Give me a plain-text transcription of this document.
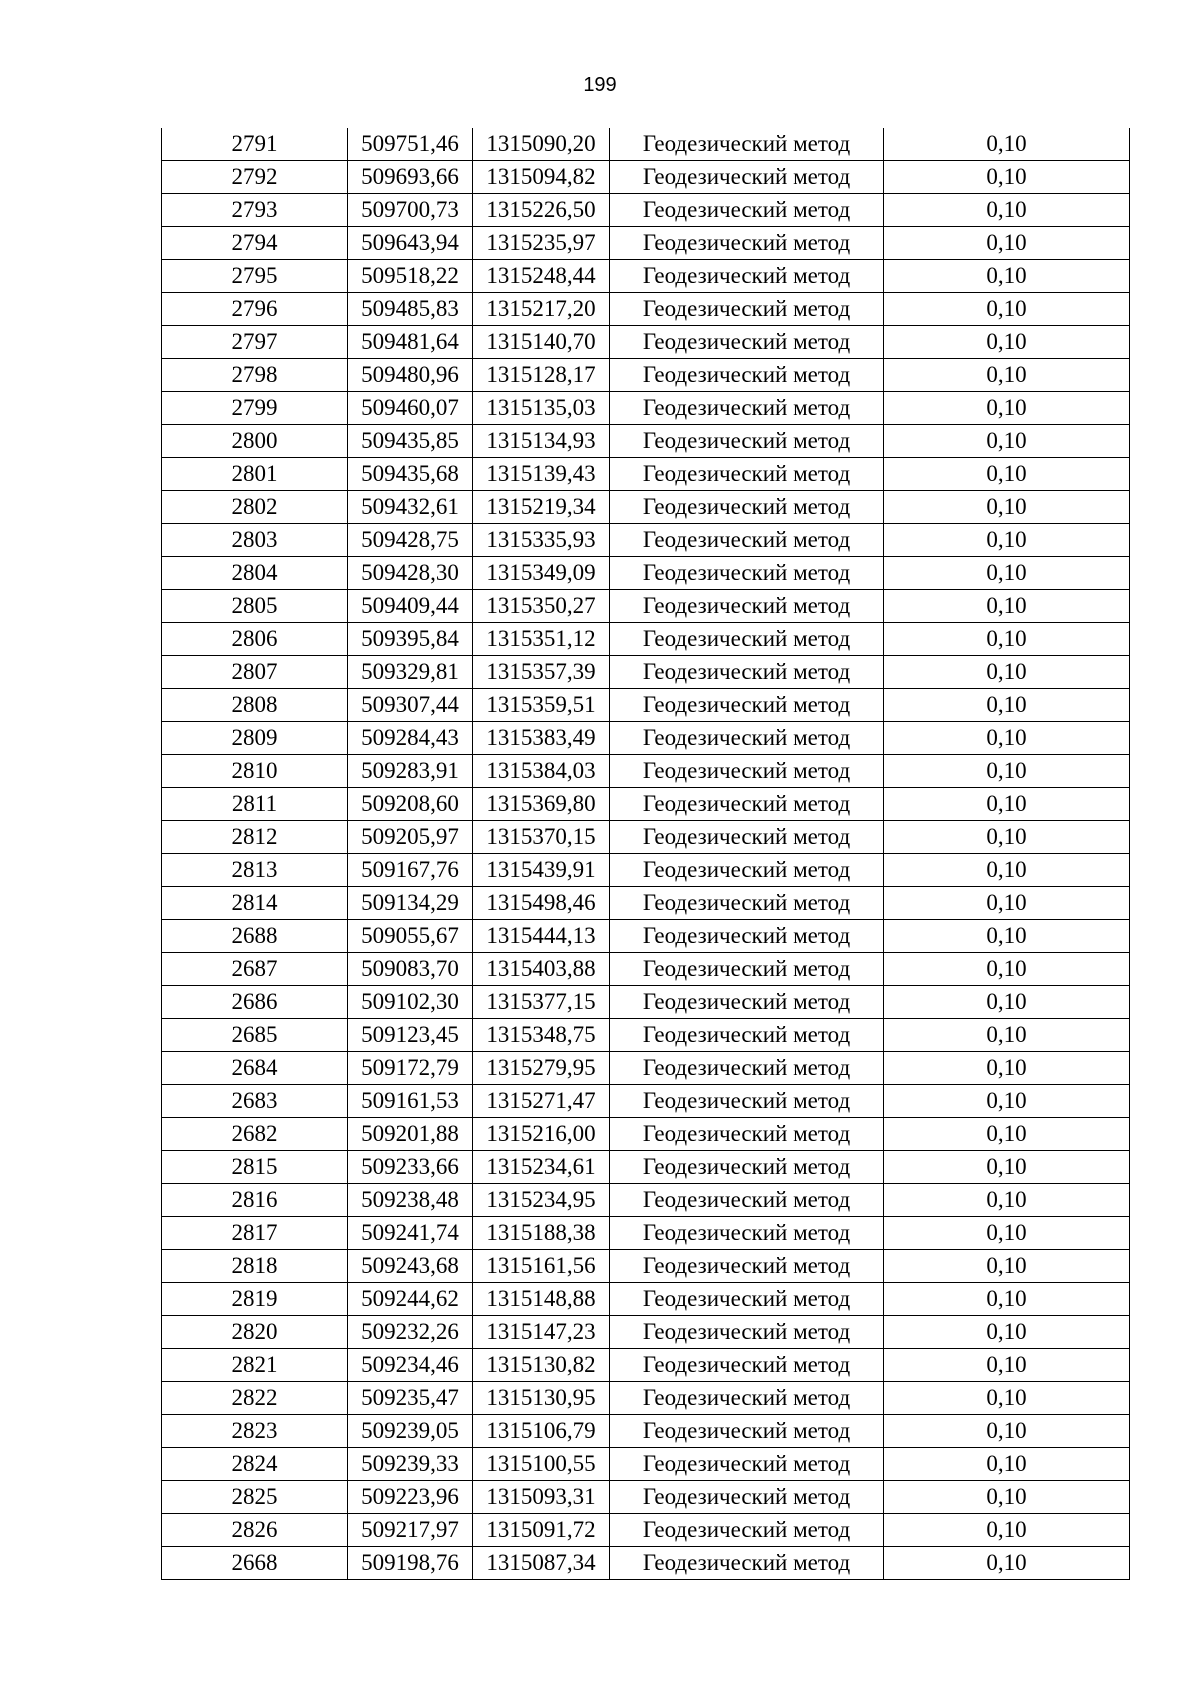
199
2791	509751,46	1315090,20	Геодезический метод	0,10
2792	509693,66	1315094,82	Геодезический метод	0,10
2793	509700,73	1315226,50	Геодезический метод	0,10
2794	509643,94	1315235,97	Геодезический метод	0,10
2795	509518,22	1315248,44	Геодезический метод	0,10
2796	509485,83	1315217,20	Геодезический метод	0,10
2797	509481,64	1315140,70	Геодезический метод	0,10
2798	509480,96	1315128,17	Геодезический метод	0,10
2799	509460,07	1315135,03	Геодезический метод	0,10
2800	509435,85	1315134,93	Геодезический метод	0,10
2801	509435,68	1315139,43	Геодезический метод	0,10
2802	509432,61	1315219,34	Геодезический метод	0,10
2803	509428,75	1315335,93	Геодезический метод	0,10
2804	509428,30	1315349,09	Геодезический метод	0,10
2805	509409,44	1315350,27	Геодезический метод	0,10
2806	509395,84	1315351,12	Геодезический метод	0,10
2807	509329,81	1315357,39	Геодезический метод	0,10
2808	509307,44	1315359,51	Геодезический метод	0,10
2809	509284,43	1315383,49	Геодезический метод	0,10
2810	509283,91	1315384,03	Геодезический метод	0,10
2811	509208,60	1315369,80	Геодезический метод	0,10
2812	509205,97	1315370,15	Геодезический метод	0,10
2813	509167,76	1315439,91	Геодезический метод	0,10
2814	509134,29	1315498,46	Геодезический метод	0,10
2688	509055,67	1315444,13	Геодезический метод	0,10
2687	509083,70	1315403,88	Геодезический метод	0,10
2686	509102,30	1315377,15	Геодезический метод	0,10
2685	509123,45	1315348,75	Геодезический метод	0,10
2684	509172,79	1315279,95	Геодезический метод	0,10
2683	509161,53	1315271,47	Геодезический метод	0,10
2682	509201,88	1315216,00	Геодезический метод	0,10
2815	509233,66	1315234,61	Геодезический метод	0,10
2816	509238,48	1315234,95	Геодезический метод	0,10
2817	509241,74	1315188,38	Геодезический метод	0,10
2818	509243,68	1315161,56	Геодезический метод	0,10
2819	509244,62	1315148,88	Геодезический метод	0,10
2820	509232,26	1315147,23	Геодезический метод	0,10
2821	509234,46	1315130,82	Геодезический метод	0,10
2822	509235,47	1315130,95	Геодезический метод	0,10
2823	509239,05	1315106,79	Геодезический метод	0,10
2824	509239,33	1315100,55	Геодезический метод	0,10
2825	509223,96	1315093,31	Геодезический метод	0,10
2826	509217,97	1315091,72	Геодезический метод	0,10
2668	509198,76	1315087,34	Геодезический метод	0,10
